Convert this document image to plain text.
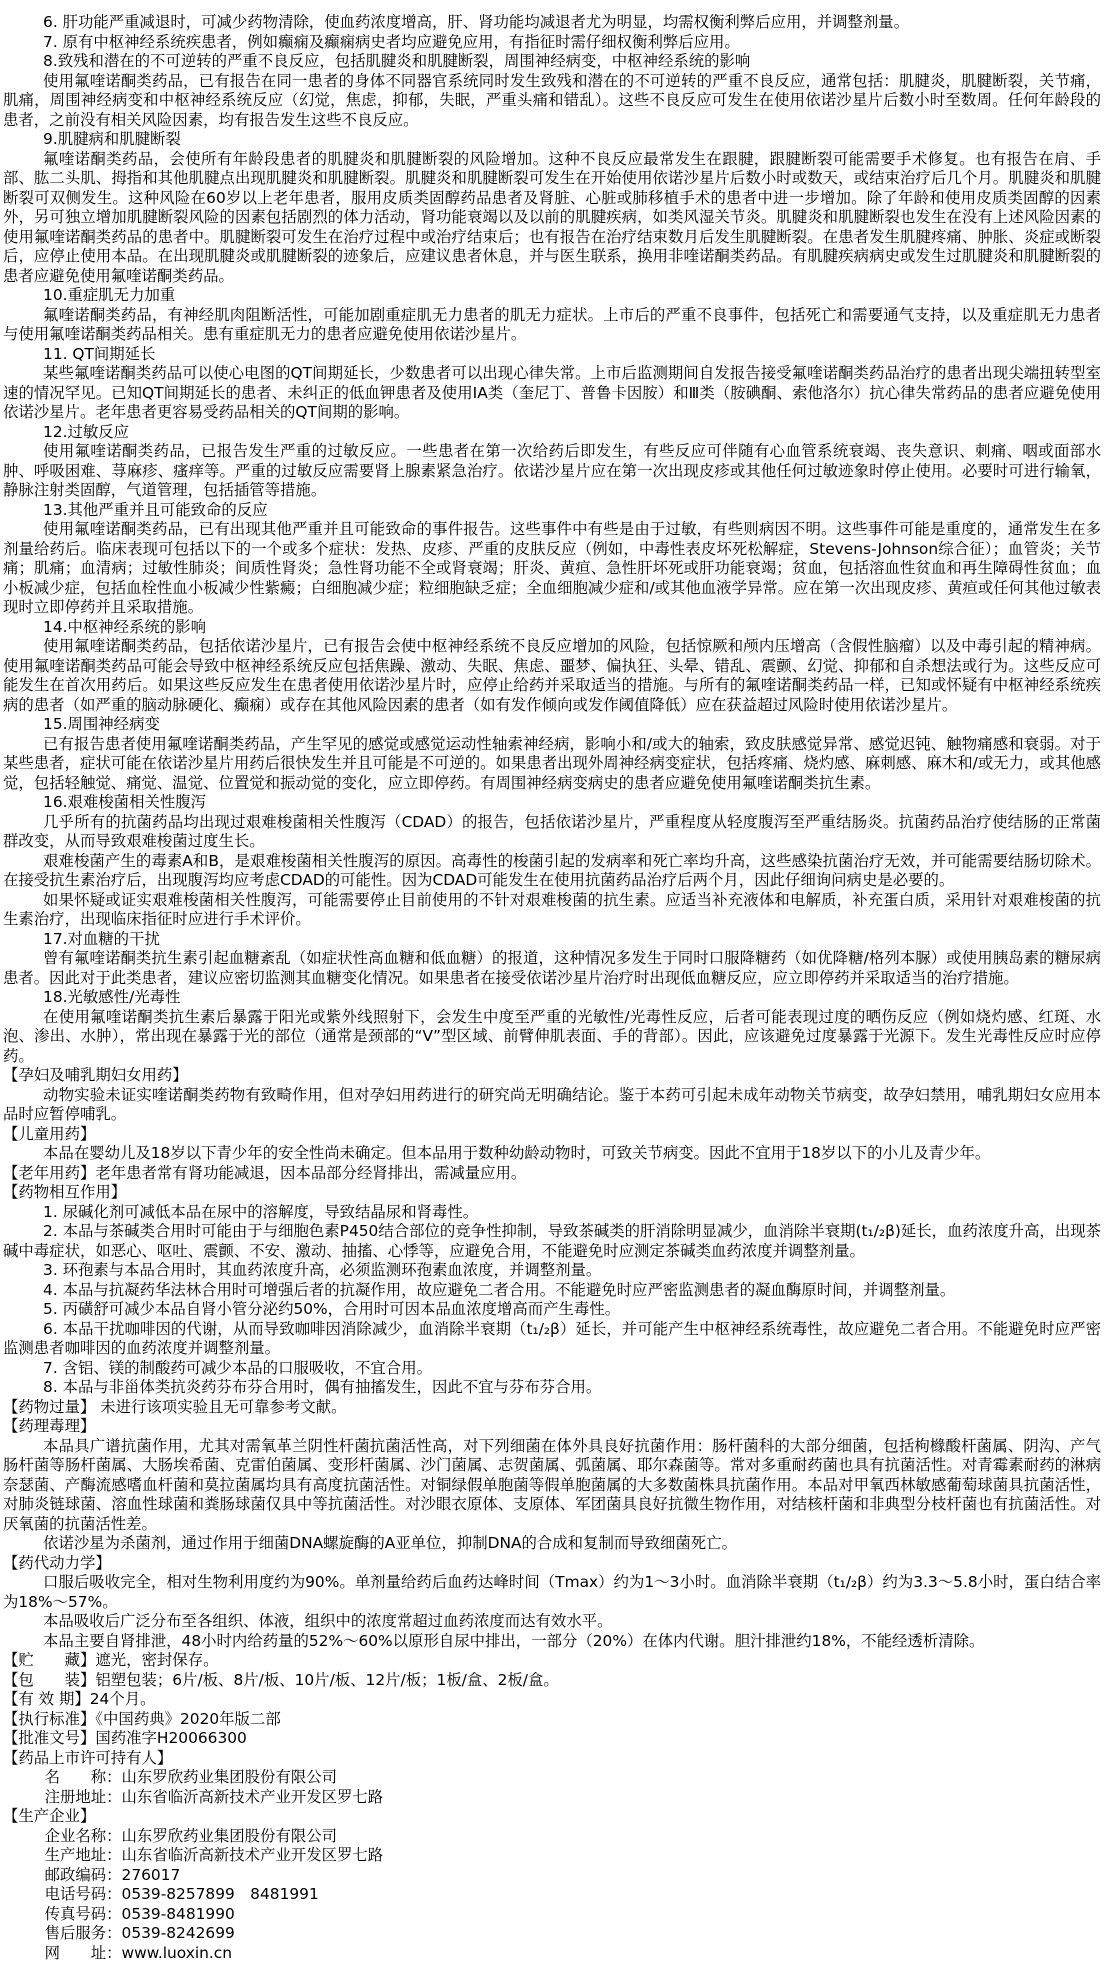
6. 肝功能严重减退时，可减少药物清除，使血药浓度增高，肝、肾功能均减退者尤为明显，均需权衡利弊后应用，并调整剂量。

7. 原有中枢神经系统疾患者，例如癫痫及癫痫病史者均应避免应用，有指征时需仔细权衡利弊后应用。

8.致残和潜在的不可逆转的严重不良反应，包括肌腱炎和肌腱断裂，周围神经病变，中枢神经系统的影响

使用氟喹诺酮类药品，已有报告在同一患者的身体不同器官系统同时发生致残和潜在的不可逆转的严重不良反应，通常包括：肌腱炎，肌腱断裂，关节痛，肌痛，周围神经病变和中枢神经系统反应（幻觉，焦虑，抑郁，失眠，严重头痛和错乱）。这些不良反应可发生在使用依诺沙星片后数小时至数周。任何年龄段的患者，之前没有相关风险因素，均有报告发生这些不良反应。

9.肌腱病和肌腱断裂

氟喹诺酮类药品，会使所有年龄段患者的肌腱炎和肌腱断裂的风险增加。这种不良反应最常发生在跟腱，跟腱断裂可能需要手术修复。也有报告在肩、手部、肱二头肌、拇指和其他肌腱点出现肌腱炎和肌腱断裂。肌腱炎和肌腱断裂可发生在开始使用依诺沙星片后数小时或数天，或结束治疗后几个月。肌腱炎和肌腱断裂可双侧发生。这种风险在60岁以上老年患者，服用皮质类固醇药品患者及肾脏、心脏或肺移植手术的患者中进一步增加。除了年龄和使用皮质类固醇的因素外，另可独立增加肌腱断裂风险的因素包括剧烈的体力活动，肾功能衰竭以及以前的肌腱疾病，如类风湿关节炎。肌腱炎和肌腱断裂也发生在没有上述风险因素的使用氟喹诺酮类药品的患者中。肌腱断裂可发生在治疗过程中或治疗结束后；也有报告在治疗结束数月后发生肌腱断裂。在患者发生肌腱疼痛、肿胀、炎症或断裂后，应停止使用本品。在出现肌腱炎或肌腱断裂的迹象后，应建议患者休息，并与医生联系，换用非喹诺酮类药品。有肌腱疾病病史或发生过肌腱炎和肌腱断裂的患者应避免使用氟喹诺酮类药品。

10.重症肌无力加重

氟喹诺酮类药品，有神经肌肉阻断活性，可能加剧重症肌无力患者的肌无力症状。上市后的严重不良事件，包括死亡和需要通气支持，以及重症肌无力患者与使用氟喹诺酮类药品相关。患有重症肌无力的患者应避免使用依诺沙星片。

11. QT间期延长

某些氟喹诺酮类药品可以使心电图的QT间期延长，少数患者可以出现心律失常。上市后监测期间自发报告接受氟喹诺酮类药品治疗的患者出现尖端扭转型室速的情况罕见。已知QT间期延长的患者、未纠正的低血钾患者及使用IA类（奎尼丁、普鲁卡因胺）和Ⅲ类（胺碘酮、索他洛尔）抗心律失常药品的患者应避免使用依诺沙星片。老年患者更容易受药品相关的QT间期的影响。

12.过敏反应

使用氟喹诺酮类药品，已报告发生严重的过敏反应。一些患者在第一次给药后即发生，有些反应可伴随有心血管系统衰竭、丧失意识、刺痛、咽或面部水肿、呼吸困难、荨麻疹、瘙痒等。严重的过敏反应需要肾上腺素紧急治疗。依诺沙星片应在第一次出现皮疹或其他任何过敏迹象时停止使用。必要时可进行输氧，静脉注射类固醇，气道管理，包括插管等措施。

13.其他严重并且可能致命的反应

使用氟喹诺酮类药品，已有出现其他严重并且可能致命的事件报告。这些事件中有些是由于过敏，有些则病因不明。这些事件可能是重度的，通常发生在多剂量给药后。临床表现可包括以下的一个或多个症状：发热、皮疹、严重的皮肤反应（例如，中毒性表皮坏死松解症，Stevens-Johnson综合征）；血管炎；关节痛；肌痛；血清病；过敏性肺炎；间质性肾炎；急性肾功能不全或肾衰竭；肝炎、黄疸、急性肝坏死或肝功能衰竭；贫血，包括溶血性贫血和再生障碍性贫血；血小板减少症，包括血栓性血小板减少性紫癜；白细胞减少症；粒细胞缺乏症；全血细胞减少症和/或其他血液学异常。应在第一次出现皮疹、黄疸或任何其他过敏表现时立即停药并且采取措施。

14.中枢神经系统的影响

使用氟喹诺酮类药品，包括依诺沙星片，已有报告会使中枢神经系统不良反应增加的风险，包括惊厥和颅内压增高（含假性脑瘤）以及中毒引起的精神病。使用氟喹诺酮类药品可能会导致中枢神经系统反应包括焦躁、激动、失眠、焦虑、噩梦、偏执狂、头晕、错乱、震颤、幻觉、抑郁和自杀想法或行为。这些反应可能发生在首次用药后。如果这些反应发生在患者使用依诺沙星片时，应停止给药并采取适当的措施。与所有的氟喹诺酮类药品一样，已知或怀疑有中枢神经系统疾病的患者（如严重的脑动脉硬化、癫痫）或存在其他风险因素的患者（如有发作倾向或发作阈值降低）应在获益超过风险时使用依诺沙星片。

15.周围神经病变

已有报告患者使用氟喹诺酮类药品，产生罕见的感觉或感觉运动性轴索神经病，影响小和/或大的轴索，致皮肤感觉异常、感觉迟钝、触物痛感和衰弱。对于某些患者，症状可能在依诺沙星片用药后很快发生并且可能是不可逆的。如果患者出现外周神经病变症状，包括疼痛、烧灼感、麻刺感、麻木和/或无力，或其他感觉，包括轻触觉、痛觉、温觉、位置觉和振动觉的变化，应立即停药。有周围神经病变病史的患者应避免使用氟喹诺酮类抗生素。

16.艰难梭菌相关性腹泻

几乎所有的抗菌药品均出现过艰难梭菌相关性腹泻（CDAD）的报告，包括依诺沙星片，严重程度从轻度腹泻至严重结肠炎。抗菌药品治疗使结肠的正常菌群改变，从而导致艰难梭菌过度生长。

艰难梭菌产生的毒素A和B，是艰难梭菌相关性腹泻的原因。高毒性的梭菌引起的发病率和死亡率均升高，这些感染抗菌治疗无效，并可能需要结肠切除术。在接受抗生素治疗后，出现腹泻均应考虑CDAD的可能性。因为CDAD可能发生在使用抗菌药品治疗后两个月，因此仔细询问病史是必要的。

如果怀疑或证实艰难梭菌相关性腹泻，可能需要停止目前使用的不针对艰难梭菌的抗生素。应适当补充液体和电解质，补充蛋白质，采用针对艰难梭菌的抗生素治疗，出现临床指征时应进行手术评价。

17.对血糖的干扰

曾有氟喹诺酮类抗生素引起血糖紊乱（如症状性高血糖和低血糖）的报道，这种情况多发生于同时口服降糖药（如优降糖/格列本脲）或使用胰岛素的糖尿病患者。因此对于此类患者，建议应密切监测其血糖变化情况。如果患者在接受依诺沙星片治疗时出现低血糖反应，应立即停药并采取适当的治疗措施。

18.光敏感性/光毒性

在使用氟喹诺酮类抗生素后暴露于阳光或紫外线照射下，会发生中度至严重的光敏性/光毒性反应，后者可能表现过度的晒伤反应（例如烧灼感、红斑、水泡、渗出、水肿），常出现在暴露于光的部位（通常是颈部的“V”型区域、前臂伸肌表面、手的背部）。因此，应该避免过度暴露于光源下。发生光毒性反应时应停药。

【孕妇及哺乳期妇女用药】

动物实验未证实喹诺酮类药物有致畸作用，但对孕妇用药进行的研究尚无明确结论。鉴于本药可引起未成年动物关节病变，故孕妇禁用，哺乳期妇女应用本品时应暂停哺乳。

【儿童用药】

本品在婴幼儿及18岁以下青少年的安全性尚未确定。但本品用于数种幼龄动物时，可致关节病变。因此不宜用于18岁以下的小儿及青少年。

【老年用药】老年患者常有肾功能减退，因本品部分经肾排出，需减量应用。

【药物相互作用】

1. 尿碱化剂可减低本品在尿中的溶解度，导致结晶尿和肾毒性。

2. 本品与茶碱类合用时可能由于与细胞色素P450结合部位的竞争性抑制，导致茶碱类的肝消除明显减少，血消除半衰期(t₁/₂β)延长，血药浓度升高，出现茶碱中毒症状，如恶心、呕吐、震颤、不安、激动、抽搐、心悸等，应避免合用，不能避免时应测定茶碱类血药浓度并调整剂量。

3. 环孢素与本品合用时，其血药浓度升高，必须监测环孢素血浓度，并调整剂量。

4. 本品与抗凝药华法林合用时可增强后者的抗凝作用，故应避免二者合用。不能避免时应严密监测患者的凝血酶原时间，并调整剂量。

5. 丙磺舒可减少本品自肾小管分泌约50%，合用时可因本品血浓度增高而产生毒性。

6. 本品干扰咖啡因的代谢，从而导致咖啡因消除减少，血消除半衰期（t₁/₂β）延长，并可能产生中枢神经系统毒性，故应避免二者合用。不能避免时应严密监测患者咖啡因的血药浓度并调整剂量。

7. 含铝、镁的制酸药可减少本品的口服吸收，不宜合用。

8. 本品与非甾体类抗炎药芬布芬合用时，偶有抽搐发生，因此不宜与芬布芬合用。

【药物过量】 未进行该项实验且无可靠参考文献。

【药理毒理】

本品具广谱抗菌作用，尤其对需氧革兰阴性杆菌抗菌活性高，对下列细菌在体外具良好抗菌作用：肠杆菌科的大部分细菌，包括枸橼酸杆菌属、阴沟、产气肠杆菌等肠杆菌属、大肠埃希菌、克雷伯菌属、变形杆菌属、沙门菌属、志贺菌属、弧菌属、耶尔森菌等。常对多重耐药菌也具有抗菌活性。对青霉素耐药的淋病奈瑟菌、产酶流感嗜血杆菌和莫拉菌属均具有高度抗菌活性。对铜绿假单胞菌等假单胞菌属的大多数菌株具抗菌作用。本品对甲氧西林敏感葡萄球菌具抗菌活性，对肺炎链球菌、溶血性球菌和粪肠球菌仅具中等抗菌活性。对沙眼衣原体、支原体、军团菌具良好抗微生物作用，对结核杆菌和非典型分枝杆菌也有抗菌活性。对厌氧菌的抗菌活性差。

依诺沙星为杀菌剂，通过作用于细菌DNA螺旋酶的A亚单位，抑制DNA的合成和复制而导致细菌死亡。

【药代动力学】

口服后吸收完全，相对生物利用度约为90%。单剂量给药后血药达峰时间（Tmax）约为1～3小时。血消除半衰期（t₁/₂β）约为3.3～5.8小时，蛋白结合率为18%～57%。

本品吸收后广泛分布至各组织、体液，组织中的浓度常超过血药浓度而达有效水平。

本品主要自肾排泄，48小时内给药量的52%～60%以原形自尿中排出，一部分（20%）在体内代谢。胆汁排泄约18%，不能经透析清除。

【贮　　藏】遮光，密封保存。

【包　　装】铝塑包装；6片/板、8片/板、10片/板、12片/板；1板/盒、2板/盒。

【有 效 期】24个月。

【执行标准】《中国药典》2020年版二部

【批准文号】国药准字H20066300

【药品上市许可持有人】

名　　称：山东罗欣药业集团股份有限公司

注册地址：山东省临沂高新技术产业开发区罗七路

【生产企业】

企业名称：山东罗欣药业集团股份有限公司

生产地址：山东省临沂高新技术产业开发区罗七路

邮政编码：276017

电话号码：0539-8257899　8481991

传真号码：0539-8481990

售后服务：0539-8242699

网　　址：www.luoxin.cn
